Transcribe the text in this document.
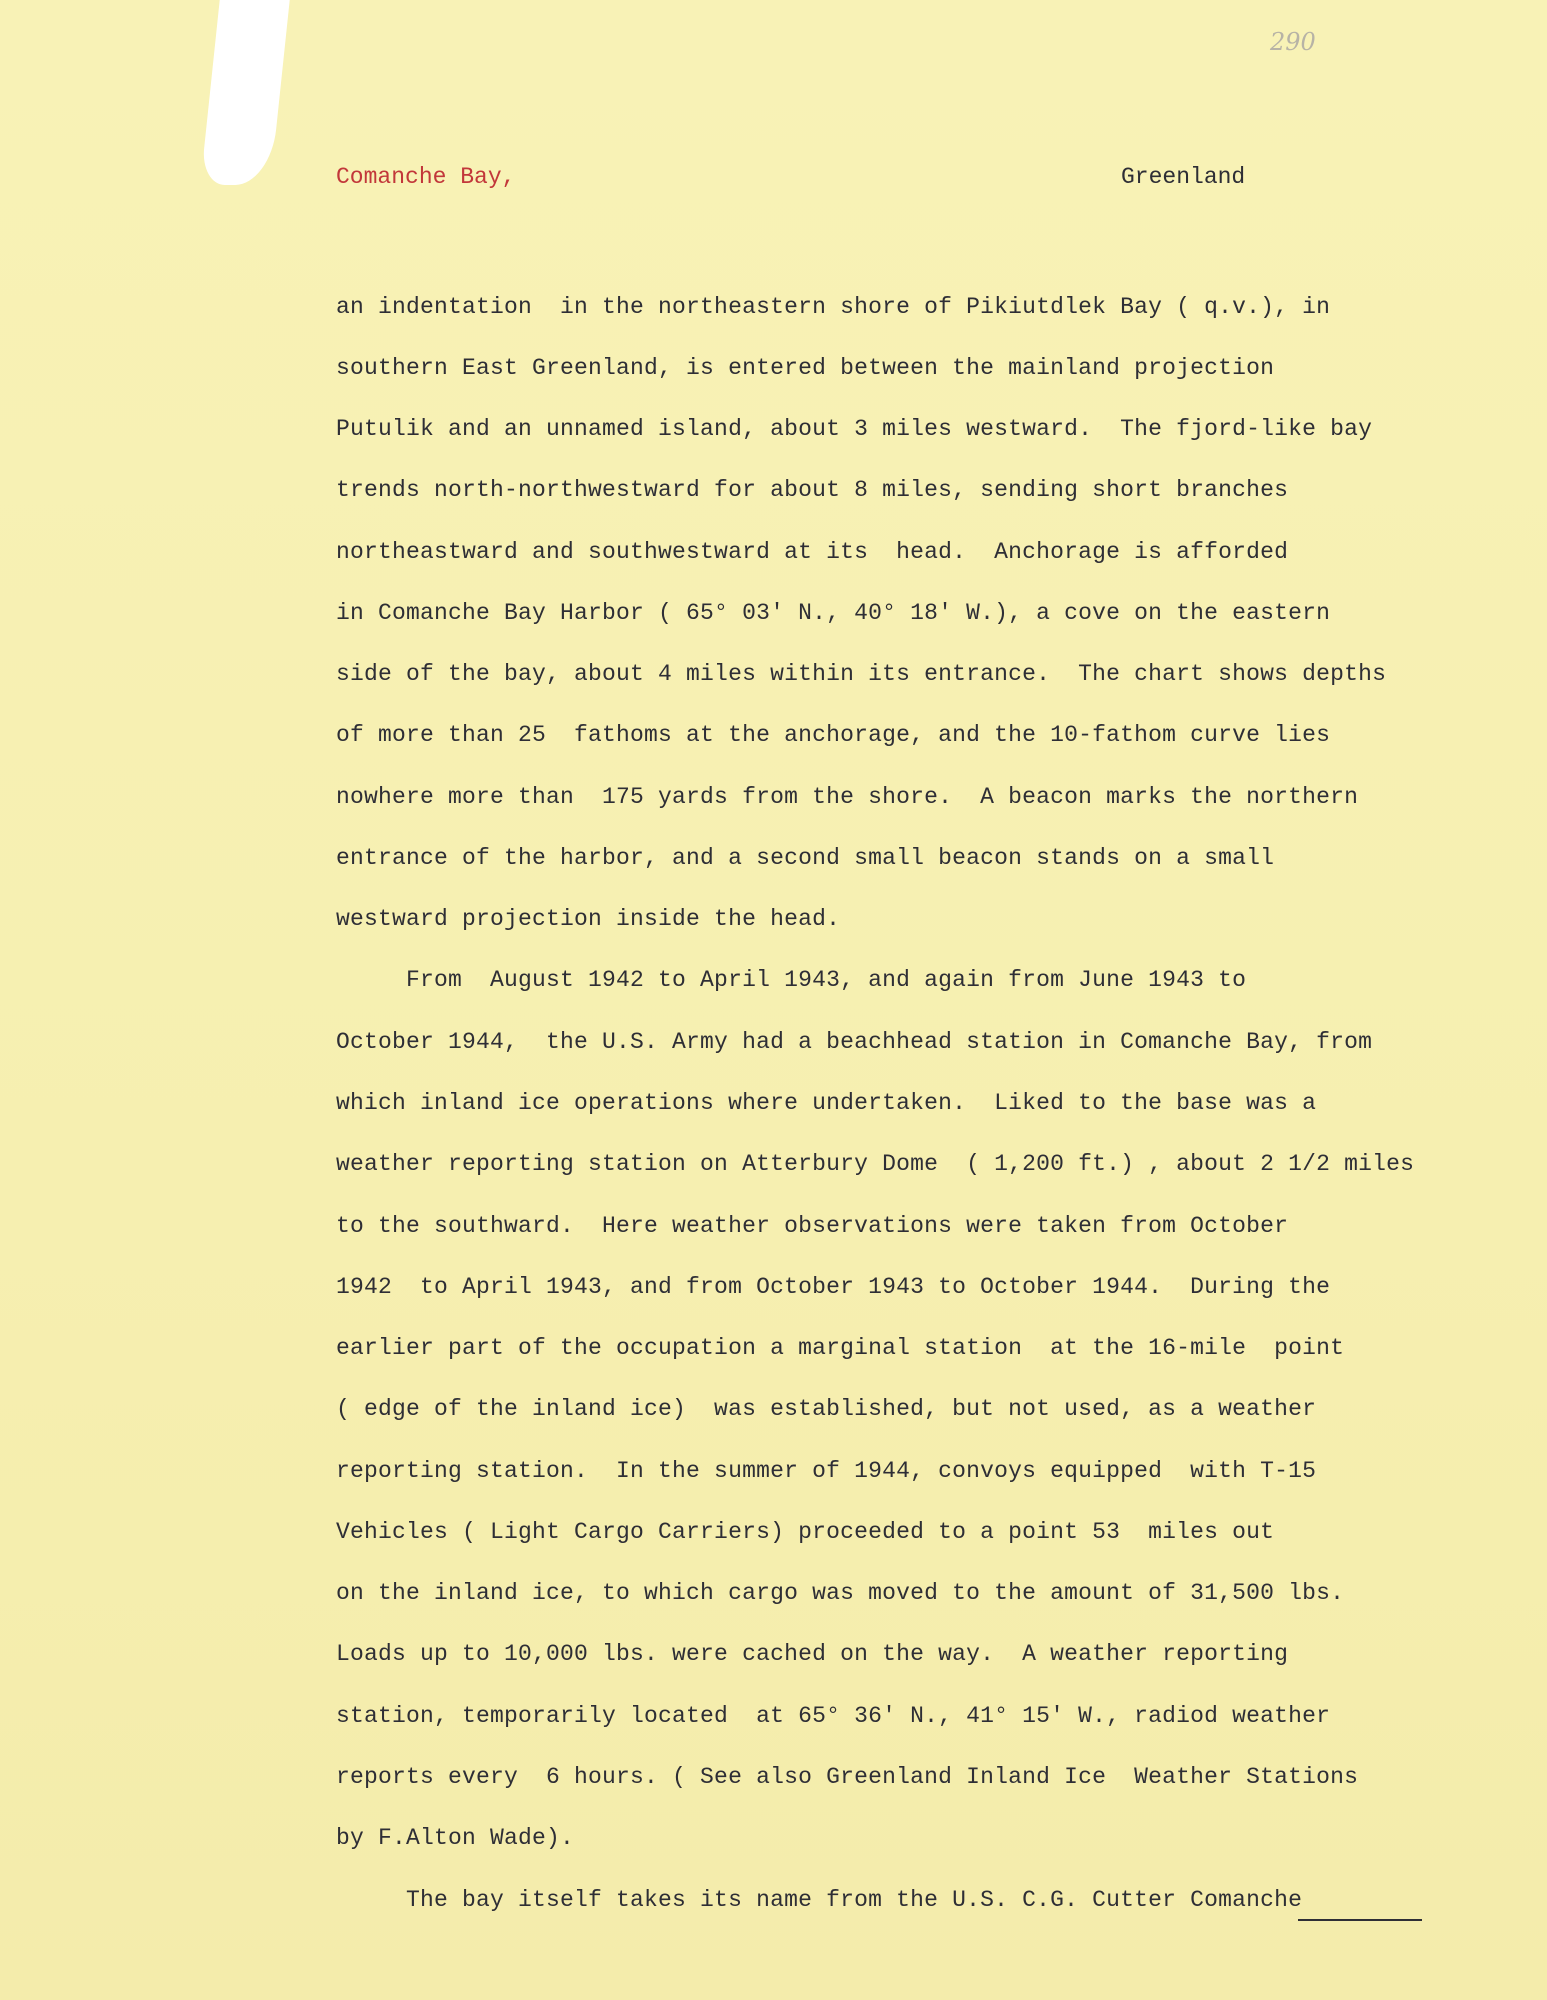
290
Comanche Bay,	Greenland
an indentation  in the northeastern shore of Pikiutdlek Bay ( q.v.), in
southern East Greenland, is entered between the mainland projection
Putulik and an unnamed island, about 3 miles westward.  The fjord-like bay
trends north-northwestward for about 8 miles, sending short branches
northeastward and southwestward at its  head.  Anchorage is afforded
in Comanche Bay Harbor ( 65° 03' N., 40° 18' W.), a cove on the eastern
side of the bay, about 4 miles within its entrance.  The chart shows depths
of more than 25  fathoms at the anchorage, and the 10-fathom curve lies
nowhere more than  175 yards from the shore.  A beacon marks the northern
entrance of the harbor, and a second small beacon stands on a small
westward projection inside the head.
From  August 1942 to April 1943, and again from June 1943 to
October 1944,  the U.S. Army had a beachhead station in Comanche Bay, from
which inland ice operations where undertaken.  Liked to the base was a
weather reporting station on Atterbury Dome  ( 1,200 ft.) , about 2 1/2 miles
to the southward.  Here weather observations were taken from October
1942  to April 1943, and from October 1943 to October 1944.  During the
earlier part of the occupation a marginal station  at the 16-mile  point
( edge of the inland ice)  was established, but not used, as a weather
reporting station.  In the summer of 1944, convoys equipped  with T-15
Vehicles ( Light Cargo Carriers) proceeded to a point 53  miles out
on the inland ice, to which cargo was moved to the amount of 31,500 lbs.
Loads up to 10,000 lbs. were cached on the way.  A weather reporting
station, temporarily located  at 65° 36' N., 41° 15' W., radiod weather
reports every  6 hours. ( See also Greenland Inland Ice  Weather Stations
by F.Alton Wade).
The bay itself takes its name from the U.S. C.G. Cutter Comanche
